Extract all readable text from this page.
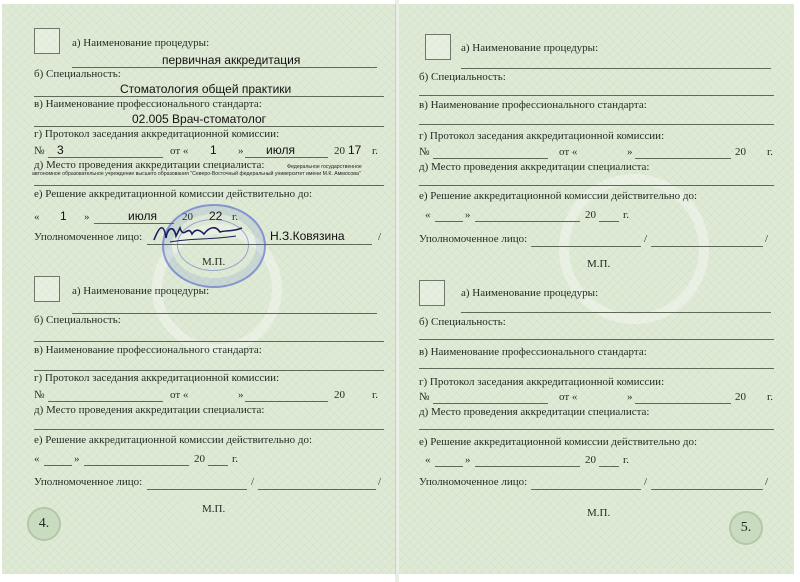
а) Наименование процедуры:
первичная аккредитация
б) Специальность:
Стоматология общей практики
в) Наименование профессионального стандарта:
02.005 Врач-стоматолог
г) Протокол заседания аккредитационной комиссии:
№ 3	от « 1 » июля	20 17 г.
д) Место проведения аккредитации специалиста:	Федеральное государственное автономное образовательное учреждение высшего образования "Северо-Восточный федеральный университет имени М.К. Аммосова"
е) Решение аккредитационной комиссии действительно до:
« 1 »	июля 20 22 г.
Уполномоченное лицо:	Н.З.Ковязина	/
М.П.
а) Наименование процедуры:
б) Специальность:
в) Наименование профессионального стандарта:
г) Протокол заседания аккредитационной комиссии:
№	от «	»	20 г.
д) Место проведения аккредитации специалиста:
е) Решение аккредитационной комиссии действительно до:
«	»	20 г.
Уполномоченное лицо:	/	/
М.П.
4.
а) Наименование процедуры:
б) Специальность:
в) Наименование профессионального стандарта:
г) Протокол заседания аккредитационной комиссии:
№	от «	»	20 г.
д) Место проведения аккредитации специалиста:
е) Решение аккредитационной комиссии действительно до:
«	»	20 г.
Уполномоченное лицо:	/	/
М.П.
а) Наименование процедуры:
б) Специальность:
в) Наименование профессионального стандарта:
г) Протокол заседания аккредитационной комиссии:
№	от «	»	20 г.
д) Место проведения аккредитации специалиста:
е) Решение аккредитационной комиссии действительно до:
«	»	20 г.
Уполномоченное лицо:	/	/
М.П.
5.
